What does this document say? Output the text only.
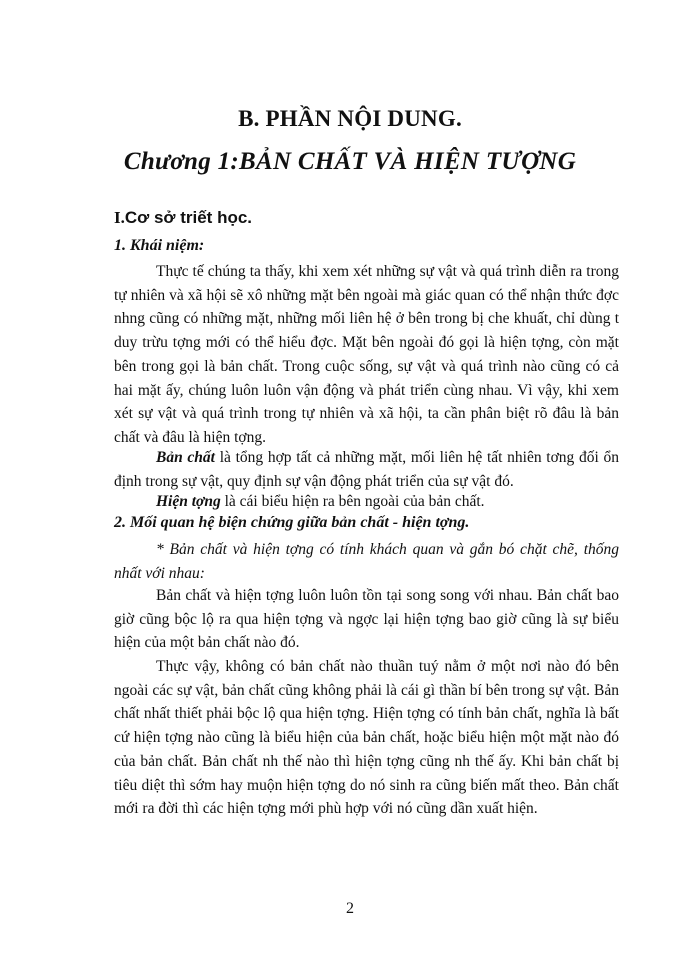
B. PHẦN NỘI DUNG.
Chương 1:BẢN CHẤT VÀ HIỆN TƯỢNG
I.Cơ sở triết học.
1. Khái niệm:

Thực tế chúng ta thấy, khi xem xét những sự vật và quá trình diễn ra trong tự nhiên và xã hội sẽ xô những mặt bên ngoài mà giác quan có thể nhận thức đợc nhng cũng có những mặt, những mối liên hệ ở bên trong bị che khuất, chỉ dùng t duy trừu tợng mới có thể hiểu đợc. Mặt bên ngoài đó gọi là hiện tợng, còn mặt bên trong gọi là bản chất. Trong cuộc sống, sự vật và quá trình nào cũng có cả hai mặt ấy, chúng luôn luôn vận động và phát triển cùng nhau. Vì vậy, khi xem xét sự vật và quá trình trong tự nhiên và xã hội, ta cần phân biệt rõ đâu là bản chất và đâu là hiện tợng.

Bản chất là tổng hợp tất cả những mặt, mối liên hệ tất nhiên tơng đối ổn định trong sự vật, quy định sự vận động phát triển của sự vật đó.

Hiện tợng là cái biểu hiện ra bên ngoài của bản chất.

2. Mối quan hệ biện chứng giữa bản chất - hiện tợng.

* Bản chất và hiện tợng có tính khách quan và gắn bó chặt chẽ, thống nhất với nhau:

Bản chất và hiện tợng luôn luôn tồn tại song song với nhau. Bản chất bao giờ cũng bộc lộ ra qua hiện tợng và ngợc lại hiện tợng bao giờ cũng là sự biểu hiện của một bản chất nào đó.

Thực vậy, không có bản chất nào thuần tuý nằm ở một nơi nào đó bên ngoài các sự vật, bản chất cũng không phải là cái gì thần bí bên trong sự vật. Bản chất nhất thiết phải bộc lộ qua hiện tợng. Hiện tợng có tính bản chất, nghĩa là bất cứ hiện tợng nào cũng là biểu hiện của bản chất, hoặc biểu hiện một mặt nào đó của bản chất. Bản chất nh thế nào thì hiện tợng cũng nh thế ấy. Khi bản chất bị tiêu diệt thì sớm hay muộn hiện tợng do nó sinh ra cũng biến mất theo. Bản chất mới ra đời thì các hiện tợng mới phù hợp với nó cũng dần xuất hiện.

2
